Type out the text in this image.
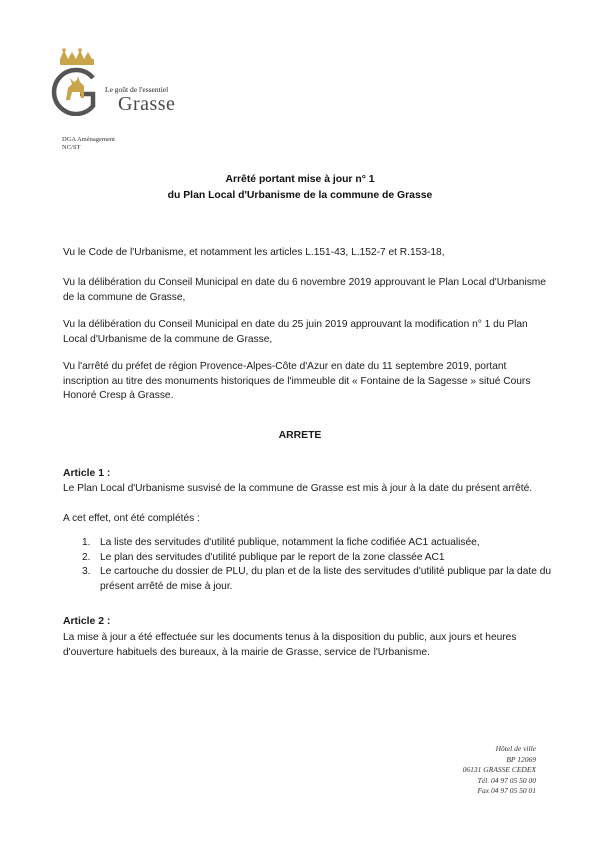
Le goût de l'essentiel
Grasse
DGA Aménagement
NC/ST
Arrêté portant mise à jour n° 1
du Plan Local d'Urbanisme de la commune de Grasse
Vu le Code de l'Urbanisme, et notamment les articles L.151-43, L.152-7 et R.153-18,
Vu la délibération du Conseil Municipal en date du 6 novembre 2019 approuvant le Plan Local d'Urbanisme de la commune de Grasse,
Vu la délibération du Conseil Municipal en date du 25 juin 2019 approuvant la modification n° 1 du Plan Local d'Urbanisme de la commune de Grasse,
Vu l'arrêté du préfet de région Provence-Alpes-Côte d'Azur en date du 11 septembre 2019, portant inscription au titre des monuments historiques de l'immeuble dit « Fontaine de la Sagesse » situé Cours Honoré Cresp à Grasse.
ARRETE
Article 1 :
Le Plan Local d'Urbanisme susvisé de la commune de Grasse est mis à jour à la date du présent arrêté.
A cet effet, ont été complétés :
1. La liste des servitudes d'utilité publique, notamment la fiche codifiée AC1 actualisée,
2. Le plan des servitudes d'utilité publique par le report de la zone classée AC1
3. Le cartouche du dossier de PLU, du plan et de la liste des servitudes d'utilité publique par la date du présent arrêté de mise à jour.
Article 2 :
La mise à jour a été effectuée sur les documents tenus à la disposition du public, aux jours et heures d'ouverture habituels des bureaux, à la mairie de Grasse, service de l'Urbanisme.
Hôtel de ville
BP 12069
06131 GRASSE CEDEX
Tél. 04 97 05 50 00
Fax 04 97 05 50 01
